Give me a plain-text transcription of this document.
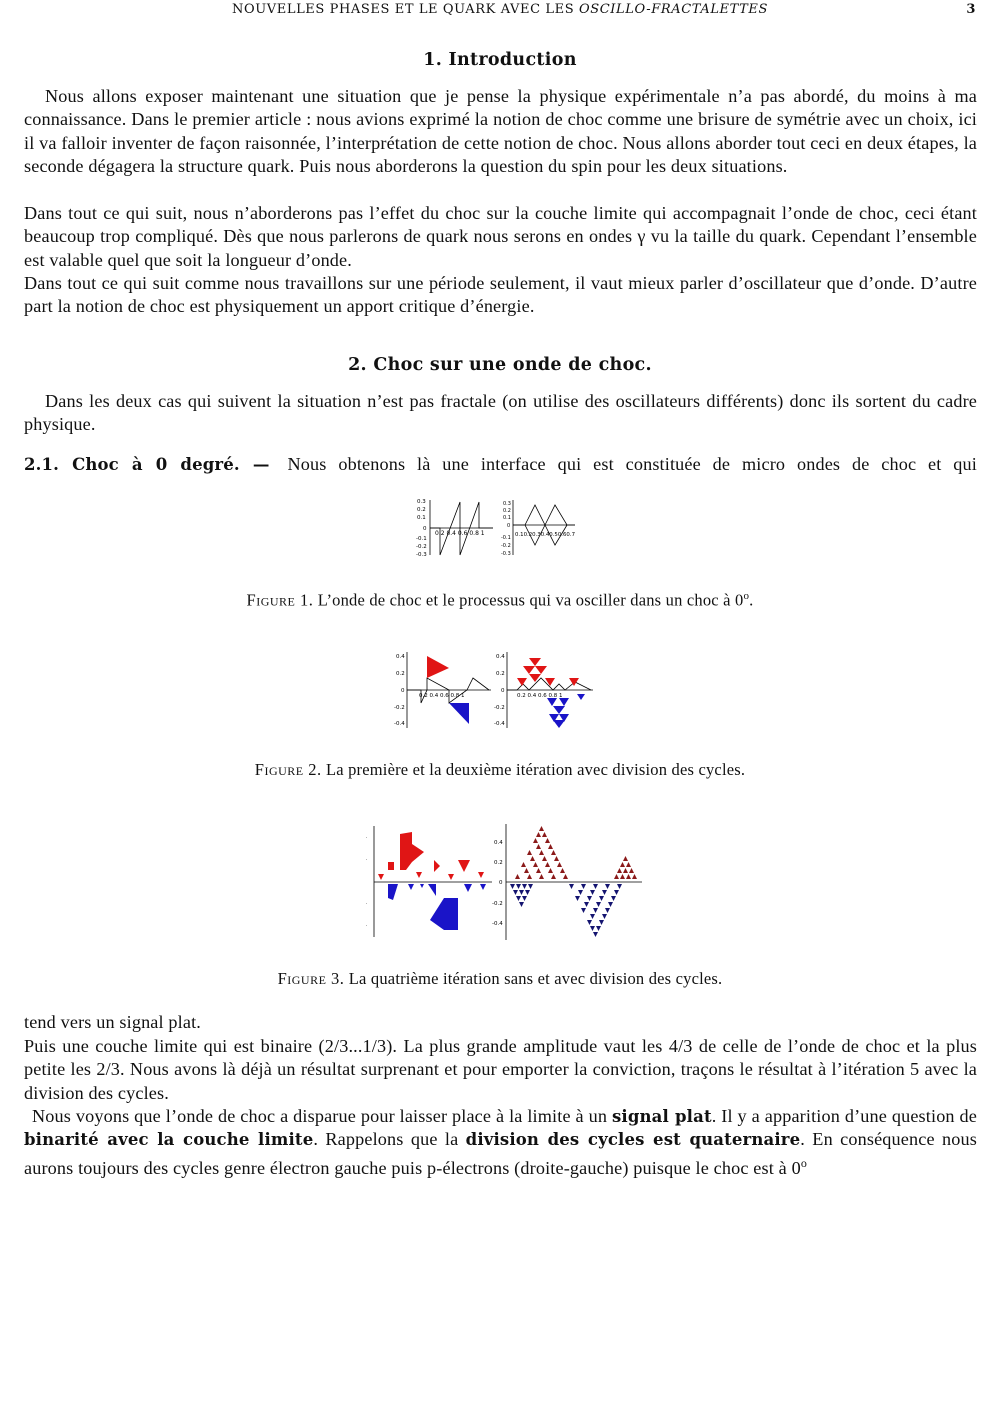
NOUVELLES PHASES ET LE QUARK AVEC LES OSCILLO-FRACTALETTES	3
1. Introduction
Nous allons exposer maintenant une situation que je pense la physique expérimentale n’a pas abordé, du moins à ma connaissance. Dans le premier article : nous avions exprimé la notion de choc comme une brisure de symétrie avec un choix, ici il va falloir inventer de façon raisonnée, l’interprétation de cette notion de choc. Nous allons aborder tout ceci en deux étapes, la seconde dégagera la structure quark. Puis nous aborderons la question du spin pour les deux situations.
Dans tout ce qui suit, nous n’aborderons pas l’effet du choc sur la couche limite qui accompagnait l’onde de choc, ceci étant beaucoup trop compliqué. Dès que nous parlerons de quark nous serons en ondes γ vu la taille du quark. Cependant l’ensemble est valable quel que soit la longueur d’onde.
Dans tout ce qui suit comme nous travaillons sur une période seulement, il vaut mieux parler d’oscillateur que d’onde. D’autre part la notion de choc est physiquement un apport critique d’énergie.
2. Choc sur une onde de choc.
Dans les deux cas qui suivent la situation n’est pas fractale (on utilise des oscillateurs différents) donc ils sortent du cadre physique.
2.1. Choc à 0 degré. — Nous obtenons là une interface qui est constituée de micro ondes de choc et qui
0.3
0.2
0.1
0
-0.1
-0.2
-0.3
0.2 0.4 0.6 0.8 1
0.3
0.2
0.1
0
-0.1
-0.2
-0.3
0.10.20.30.40.50.60.7
Figure 1. L’onde de choc et le processus qui va osciller dans un choc à 0$^o$.
0.4
0.2
0
-0.2
-0.4
0.2 0.4 0.6 0.8 1
0.4
0.2
0
-0.2
-0.4
0.2 0.4 0.6 0.8 1
Figure 2. La première et la deuxième itération avec division des cycles.
·
·
·
·
0.4
0.2
0
-0.2
-0.4
Figure 3. La quatrième itération sans et avec division des cycles.
tend vers un signal plat.
Puis une couche limite qui est binaire (2/3...1/3). La plus grande amplitude vaut les 4/3 de celle de l’onde de choc et la plus petite les 2/3. Nous avons là déjà un résultat surprenant et pour emporter la conviction, traçons le résultat à l’itération 5 avec la division des cycles.
Nous voyons que l’onde de choc a disparue pour laisser place à la limite à un signal plat. Il y a apparition d’une question de binarité avec la couche limite. Rappelons que la division des cycles est quaternaire. En conséquence nous aurons toujours des cycles genre électron gauche puis p-électrons (droite-gauche) puisque le choc est à 0$^o$
